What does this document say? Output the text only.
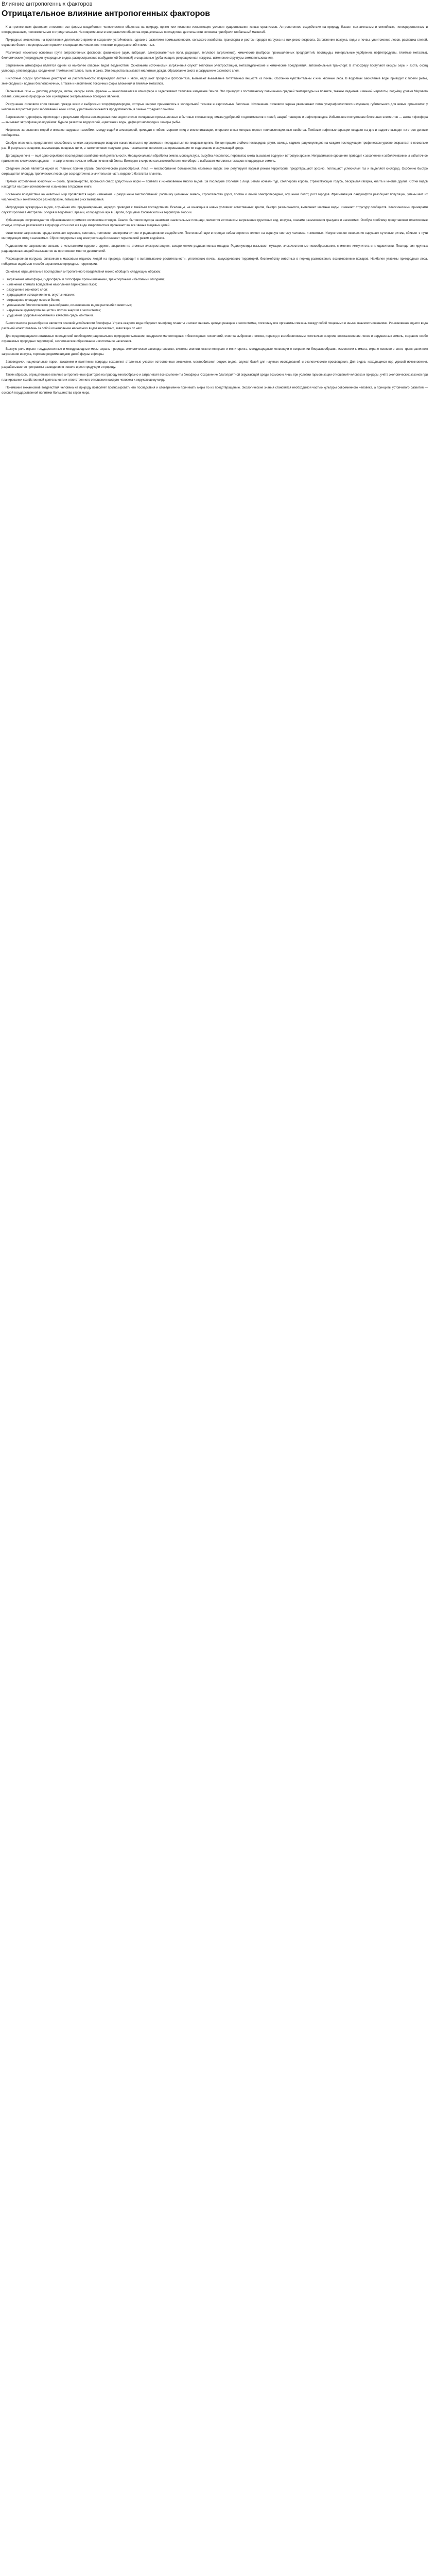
Влияние антропогенных факторов
Отрицательное влияние антропогенных факторов

К антропогенным факторам относятся все формы воздействия человеческого общества на природу, прямо или косвенно изменяющие условия существования живых организмов. Антропогенное воздействие на природу бывает сознательным и стихийным, непосредственным и опосредованным, положительным и отрицательным. На современном этапе развития общества отрицательные последствия деятельности человека приобрели глобальный масштаб.

Природные экосистемы на протяжении длительного времени сохраняли устойчивость, однако с развитием промышленности, сельского хозяйства, транспорта и ростом городов нагрузка на них резко возросла. Загрязнение воздуха, воды и почвы, уничтожение лесов, распашка степей, осушение болот и перепромысел привели к сокращению численности многих видов растений и животных.

Различают несколько основных групп антропогенных факторов: физические (шум, вибрация, электромагнитные поля, радиация, тепловое загрязнение), химические (выбросы промышленных предприятий, пестициды, минеральные удобрения, нефтепродукты, тяжёлые металлы), биологические (интродукция чужеродных видов, распространение возбудителей болезней) и социальные (урбанизация, рекреационная нагрузка, изменение структуры землепользования).

Загрязнение атмосферы является одним из наиболее опасных видов воздействия. Основными источниками загрязнения служат тепловые электростанции, металлургические и химические предприятия, автомобильный транспорт. В атмосферу поступают оксиды серы и азота, оксид углерода, углеводороды, соединения тяжёлых металлов, пыль и сажа. Эти вещества вызывают кислотные дожди, образование смога и разрушение озонового слоя.

Кислотные осадки губительно действуют на растительность: повреждают листья и хвою, нарушают процессы фотосинтеза, вызывают вымывание питательных веществ из почвы. Особенно чувствительны к ним хвойные леса. В водоёмах закисление воды приводит к гибели рыбы, земноводных и водных беспозвоночных, а также к накоплению токсичных форм алюминия и тяжёлых металлов.

Парниковые газы — диоксид углерода, метан, оксиды азота, фреоны — накапливаются в атмосфере и задерживают тепловое излучение Земли. Это приводит к постепенному повышению средней температуры на планете, таянию ледников и вечной мерзлоты, подъёму уровня Мирового океана, смещению природных зон и учащению экстремальных погодных явлений.

Разрушение озонового слоя связано прежде всего с выбросами хлорфторуглеродов, которые широко применялись в холодильной технике и аэрозольных баллонах. Истончение озонового экрана увеличивает поток ультрафиолетового излучения, губительного для живых организмов: у человека возрастает риск заболеваний кожи и глаз, у растений снижается продуктивность, в океане страдает планктон.

Загрязнение гидросферы происходит в результате сброса неочищенных или недостаточно очищенных промышленных и бытовых сточных вод, смыва удобрений и ядохимикатов с полей, аварий танкеров и нефтепроводов. Избыточное поступление биогенных элементов — азота и фосфора — вызывает эвтрофикацию водоёмов: бурное развитие водорослей, «цветение» воды, дефицит кислорода и заморы рыбы.

Нефтяное загрязнение морей и океанов нарушает газообмен между водой и атмосферой, приводит к гибели морских птиц и млекопитающих, оперение и мех которых теряют теплоизоляционные свойства. Тяжёлые нефтяные фракции оседают на дно и надолго выводят из строя донные сообщества.

Особую опасность представляет способность многих загрязняющих веществ накапливаться в организмах и передаваться по пищевым цепям. Концентрация стойких пестицидов, ртути, свинца, кадмия, радионуклидов на каждом последующем трофическом уровне возрастает в несколько раз. В результате хищники, замыкающие пищевые цепи, а также человек получают дозы токсикантов, во много раз превышающие их содержание в окружающей среде.

Деградация почв — ещё одно серьёзное последствие хозяйственной деятельности. Нерациональная обработка земли, монокультура, вырубка лесополос, перевыпас скота вызывают водную и ветровую эрозию. Неправильное орошение приводит к засолению и заболачиванию, а избыточное применение химических средств — к загрязнению почвы и гибели почвенной биоты. Ежегодно в мире из сельскохозяйственного оборота выбывают миллионы гектаров плодородных земель.

Сведение лесов является одной из главных причин утраты биологического разнообразия. Леса — местообитание большинства наземных видов; они регулируют водный режим территорий, предотвращают эрозию, поглощают углекислый газ и выделяют кислород. Особенно быстро сокращается площадь тропических лесов, где сосредоточена значительная часть видового богатства планеты.

Прямое истребление животных — охота, браконьерство, промысел сверх допустимых норм — привело к исчезновению многих видов. За последние столетия с лица Земли исчезли тур, стеллерова корова, странствующий голубь, бескрылая гагарка, квагга и многие другие. Сотни видов находятся на грани исчезновения и занесены в Красные книги.

Косвенное воздействие на животный мир проявляется через изменение и разрушение местообитаний: распашку целинных земель, строительство дорог, плотин и линий электропередачи, осушение болот, рост городов. Фрагментация ландшафтов разобщает популяции, уменьшает их численность и генетическое разнообразие, повышает риск вымирания.

Интродукция чужеродных видов, случайная или преднамеренная, нередко приводит к тяжёлым последствиям. Вселенцы, не имеющие в новых условиях естественных врагов, быстро размножаются, вытесняют местные виды, изменяют структуру сообществ. Классическими примерами служат кролики в Австралии, элодея в водоёмах Евразии, колорадский жук в Европе, борщевик Сосновского на территории России.

Урбанизация сопровождается образованием огромного количества отходов. Свалки бытового мусора занимают значительные площади, являются источником загрязнения грунтовых вод, воздуха, очагами размножения грызунов и насекомых. Особую проблему представляют пластиковые отходы, которые разлагаются в природе сотни лет и в виде микропластика проникают во все звенья пищевых цепей.

Физическое загрязнение среды включает шумовое, световое, тепловое, электромагнитное и радиационное воздействие. Постоянный шум в городах неблагоприятно влияет на нервную систему человека и животных. Искусственное освещение нарушает суточные ритмы, сбивает с пути мигрирующих птиц и насекомых. Сброс подогретых вод электростанций изменяет термический режим водоёмов.

Радиоактивное загрязнение связано с испытаниями ядерного оружия, авариями на атомных электростанциях, захоронением радиоактивных отходов. Радионуклиды вызывают мутации, злокачественные новообразования, снижение иммунитета и плодовитости. Последствия крупных радиационных аварий сказываются на протяжении многих десятилетий.

Рекреационная нагрузка, связанная с массовым отдыхом людей на природе, приводит к вытаптыванию растительности, уплотнению почвы, замусориванию территорий, беспокойству животных в период размножения, возникновению пожаров. Наиболее уязвимы пригородные леса, побережья водоёмов и особо охраняемые природные территории.

Основные отрицательные последствия антропогенного воздействия можно обобщить следующим образом:

• загрязнение атмосферы, гидросферы и литосферы промышленными, транспортными и бытовыми отходами;
• изменение климата вследствие накопления парниковых газов;
• разрушение озонового слоя;
• деградация и истощение почв, опустынивание;
• сокращение площади лесов и болот;
• уменьшение биологического разнообразия, исчезновение видов растений и животных;
• нарушение круговорота веществ и потока энергии в экосистемах;
• ухудшение здоровья населения и качества среды обитания.

Биологическое разнообразие является основой устойчивости биосферы. Утрата каждого вида обедняет генофонд планеты и может вызвать цепную реакцию в экосистемах, поскольку все организмы связаны между собой пищевыми и иными взаимоотношениями. Исчезновение одного вида растений может повлечь за собой исчезновение нескольких видов насекомых, зависящих от него.

Для предотвращения негативных последствий необходимо рациональное природопользование, внедрение малоотходных и безотходных технологий, очистка выбросов и стоков, переход к возобновляемым источникам энергии, восстановление лесов и нарушенных земель, создание особо охраняемых природных территорий, экологическое образование и воспитание населения.

Важную роль играют государственные и международные меры охраны природы: экологическое законодательство, система экологического контроля и мониторинга, международные конвенции о сохранении биоразнообразия, изменении климата, охране озонового слоя, трансграничном загрязнении воздуха, торговле редкими видами дикой фауны и флоры.

Заповедники, национальные парки, заказники и памятники природы сохраняют эталонные участки естественных экосистем, местообитания редких видов, служат базой для научных исследований и экологического просвещения. Для видов, находящихся под угрозой исчезновения, разрабатываются программы разведения в неволе и реинтродукции в природу.

Таким образом, отрицательное влияние антропогенных факторов на природу многообразно и затрагивает все компоненты биосферы. Сохранение благоприятной окружающей среды возможно лишь при условии гармонизации отношений человека и природы, учёта экологических законов при планировании хозяйственной деятельности и ответственного отношения каждого человека к окружающему миру.

Понимание механизмов воздействия человека на природу позволяет прогнозировать его последствия и своевременно принимать меры по их предотвращению. Экологические знания становятся необходимой частью культуры современного человека, а принципы устойчивого развития — основой государственной политики большинства стран мира.
